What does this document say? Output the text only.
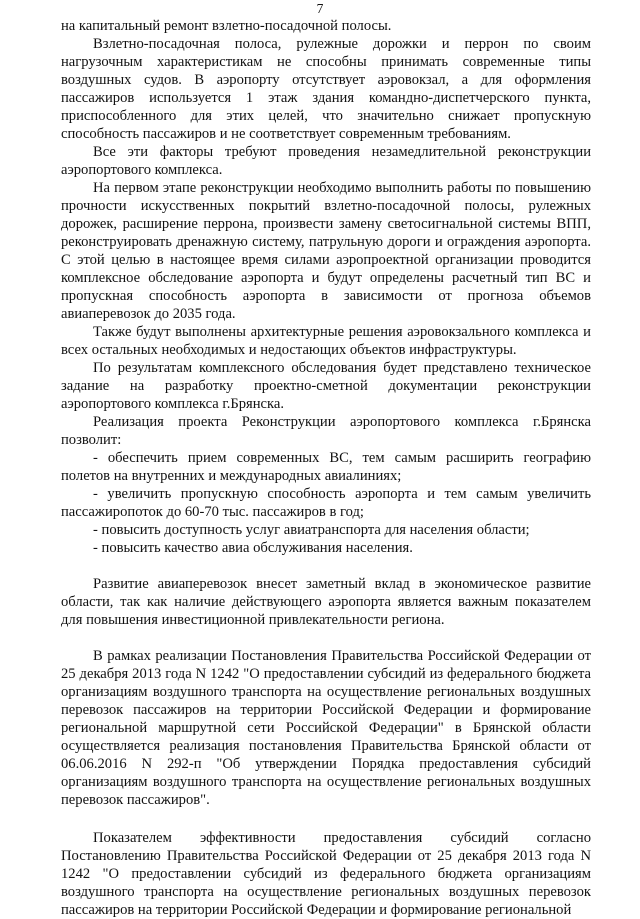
7

на капитальный ремонт взлетно-посадочной полосы.

Взлетно-посадочная полоса, рулежные дорожки и перрон по своим нагрузочным характеристикам не способны принимать современные типы воздушных судов. В аэропорту отсутствует аэровокзал, а для оформления пассажиров используется 1 этаж здания командно-диспетчерского пункта, приспособленного для этих целей, что значительно снижает пропускную способность пассажиров и не соответствует современным требованиям.

Все эти факторы требуют проведения незамедлительной реконструкции аэропортового комплекса.

На первом этапе реконструкции необходимо выполнить работы по повышению прочности искусственных покрытий взлетно-посадочной полосы, рулежных дорожек, расширение перрона, произвести замену светосигнальной системы ВПП, реконструировать дренажную систему, патрульную дороги и ограждения аэропорта. С этой целью в настоящее время силами аэропроектной организации проводится комплексное обследование аэропорта и будут определены расчетный тип ВС и пропускная способность аэропорта в зависимости от прогноза объемов авиаперевозок до 2035 года.

Также будут выполнены архитектурные решения аэровокзального комплекса и всех остальных необходимых и недостающих объектов инфраструктуры.

По результатам комплексного обследования будет представлено техническое задание на разработку проектно-сметной документации реконструкции аэропортового комплекса г.Брянска.

Реализация проекта Реконструкции аэропортового комплекса г.Брянска позволит:

- обеспечить прием современных ВС, тем самым расширить географию полетов на внутренних и международных авиалиниях;

- увеличить пропускную способность аэропорта и тем самым увеличить пассажиропоток до 60-70 тыс. пассажиров в год;

- повысить доступность услуг авиатранспорта для населения области;

- повысить качество авиа обслуживания населения.

Развитие авиаперевозок внесет заметный вклад в экономическое развитие области, так как наличие действующего аэропорта является важным показателем для повышения инвестиционной привлекательности региона.

В рамках реализации Постановления Правительства Российской Федерации от 25 декабря 2013 года N 1242 "О предоставлении субсидий из федерального бюджета организациям воздушного транспорта на осуществление региональных воздушных перевозок пассажиров на территории Российской Федерации и формирование региональной маршрутной сети Российской Федерации" в Брянской области осуществляется реализация постановления Правительства Брянской области от 06.06.2016 N 292-п "Об утверждении Порядка предоставления субсидий организациям воздушного транспорта на осуществление региональных воздушных перевозок пассажиров".

Показателем эффективности предоставления субсидий согласно Постановлению Правительства Российской Федерации от 25 декабря 2013 года N 1242 "О предоставлении субсидий из федерального бюджета организациям воздушного транспорта на осуществление региональных воздушных перевозок пассажиров на территории Российской Федерации и формирование региональной
